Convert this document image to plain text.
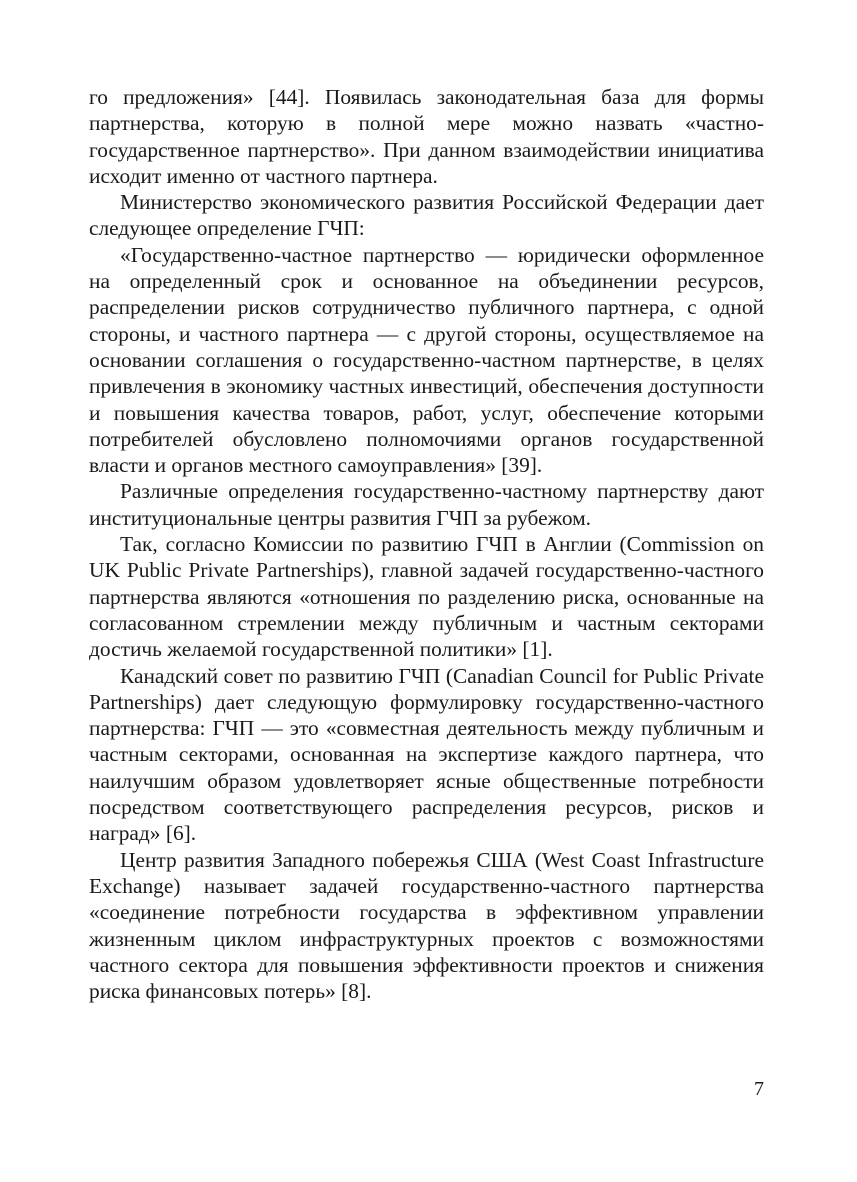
го предложения» [44]. Появилась законодательная база для формы партнерства, которую в полной мере можно назвать «частно-государственное партнерство». При данном взаимодействии инициатива исходит именно от частного партнера.

Министерство экономического развития Российской Федерации дает следующее определение ГЧП:

«Государственно-частное партнерство — юридически оформленное на определенный срок и основанное на объединении ресурсов, распределении рисков сотрудничество публичного партнера, с одной стороны, и частного партнера — с другой стороны, осуществляемое на основании соглашения о государственно-частном партнерстве, в целях привлечения в экономику частных инвестиций, обеспечения доступности и повышения качества товаров, работ, услуг, обеспечение которыми потребителей обусловлено полномочиями органов государственной власти и органов местного самоуправления» [39].

Различные определения государственно-частному партнерству дают институциональные центры развития ГЧП за рубежом.

Так, согласно Комиссии по развитию ГЧП в Англии (Commission on UK Public Private Partnerships), главной задачей государственно-частного партнерства являются «отношения по разделению риска, основанные на согласованном стремлении между публичным и частным секторами достичь желаемой государственной политики» [1].

Канадский совет по развитию ГЧП (Canadian Council for Public Private Partnerships) дает следующую формулировку государственно-частного партнерства: ГЧП — это «совместная деятельность между публичным и частным секторами, основанная на экспертизе каждого партнера, что наилучшим образом удовлетворяет ясные общественные потребности посредством соответствующего распределения ресурсов, рисков и наград» [6].

Центр развития Западного побережья США (West Coast Infrastructure Exchange) называет задачей государственно-частного партнерства «соединение потребности государства в эффективном управлении жизненным циклом инфраструктурных проектов с возможностями частного сектора для повышения эффективности проектов и снижения риска финансовых потерь» [8].

7
